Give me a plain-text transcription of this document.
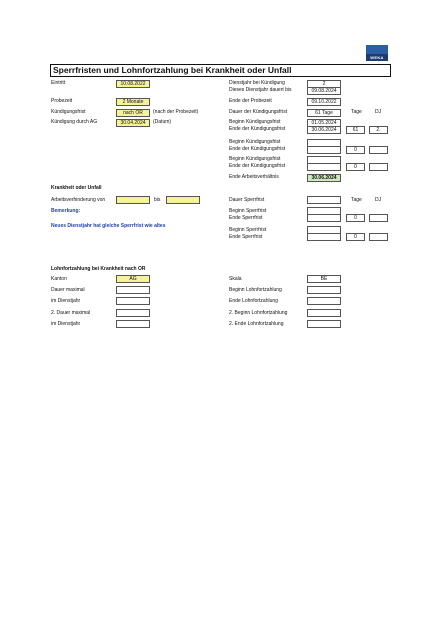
WEKA
Sperrfristen und Lohnfortzahlung bei Krankheit oder Unfall
Eintritt	10.08.2022
Probezeit	2 Monate
Kündigungsfrist	nach OR	(nach der Probezeit)
Kündigung durch AG	30.04.2024	(Datum)
Dienstjahr bei Kündigung	2
Dieses Dienstjahr dauert bis	09.08.2024
Ende der Probezeit	09.10.2022
Dauer der Kündigungsfrist	61 Tage	Tage	DJ
Beginn Kündigungsfrist	01.05.2024
Ende der Kündigungsfrist	30.06.2024	61	2.
Beginn Kündigungsfrist
Ende der Kündigungsfrist	0
Beginn Kündigungsfrist
Ende der Kündigungsfrist	0
Ende Arbeitsverhältnis	30.06.2024
Krankheit oder Unfall
Arbeitsverhinderung von	bis
Bemerkung:
Neues Dienstjahr hat gleiche Sperrfrist wie altes
Dauer Sperrfrist	Tage	DJ
Beginn Sperrfrist
Ende Sperrfrist	0
Beginn Sperrfrist
Ende Sperrfrist	0
Lohnfortzahlung bei Krankheit nach OR
Kanton	AG
Dauer maximal
im Dienstjahr
2. Dauer maximal
im Dienstjahr
Skala	BE
Beginn Lohnfortzahlung
Ende Lohnfortzahlung
2. Beginn Lohnfortzahlung
2. Ende Lohnfortzahlung
